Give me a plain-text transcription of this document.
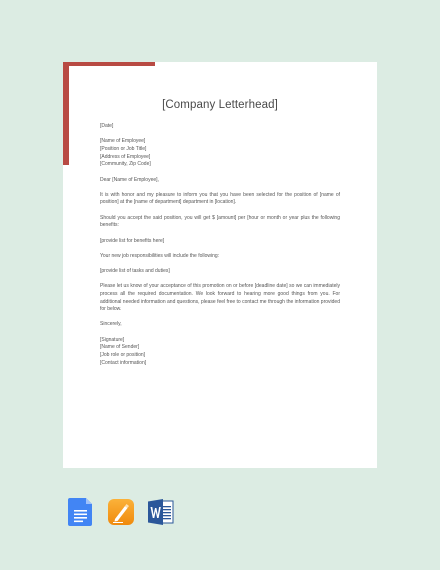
[Company Letterhead]

[Date]

[Name of Employee]

[Position or Job Title]

[Address of Employee]

[Community, Zip Code]

Dear [Name of Employee],

It is with honor and my pleasure to inform you that you have been selected for the position of [name of position] at the [name of department] department in [location].

Should you accept the said position, you will get $ [amount] per [hour or month or year plus the following benefits:

[provide list for benefits here]

Your new job responsibilities will include the following:

[provide list of tasks and duties]

Please let us know of your acceptance of this promotion on or before [deadline date] so we can immediately process all the required documentation. We look forward to hearing more good things from you. For additional needed information and questions, please feel free to contact me through the information provided for below.

Sincerely,

[Signature]

[Name of Sender]

[Job role or position]

[Contact information]
